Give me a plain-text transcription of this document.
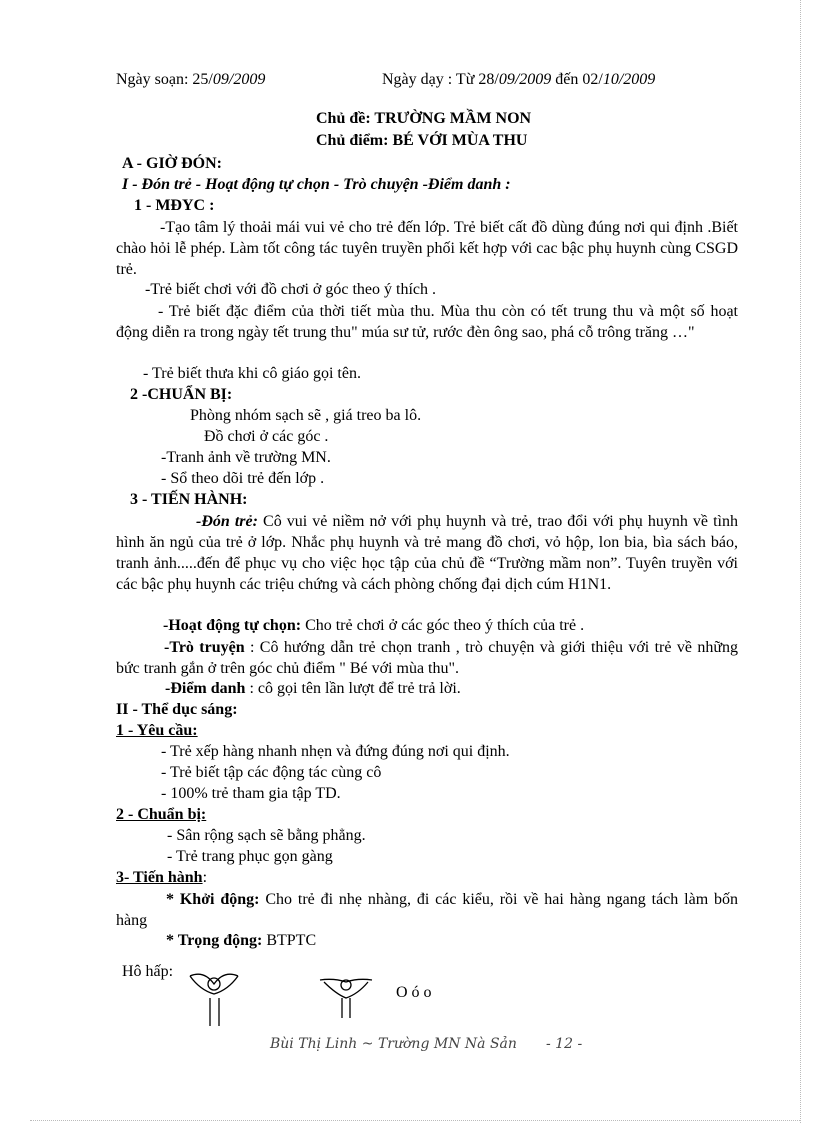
Ngày soạn: 25/09/2009	Ngày dạy : Từ 28/09/2009 đến 02/10/2009
Chủ đề: TRƯỜNG MẦM NON
Chủ điểm: BÉ VỚI MÙA THU
A - GIỜ ĐÓN:
I - Đón trẻ - Hoạt động tự chọn - Trò chuyện -Điểm danh :
1 - MĐYC :
-Tạo tâm lý thoải mái vui vẻ cho trẻ đến lớp. Trẻ biết cất đồ dùng đúng nơi qui định .Biết chào hỏi lễ phép. Làm tốt công tác tuyên truyền phối kết hợp với cac bậc phụ huynh cùng CSGD trẻ.
-Trẻ biết chơi với đồ chơi ở góc theo ý thích .
- Trẻ biết đặc điểm của thời tiết mùa thu. Mùa thu còn có tết trung thu và một số hoạt động diễn ra trong ngày tết trung thu" múa sư tử, rước đèn ông sao, phá cỗ trông trăng …"
- Trẻ biết thưa khi cô giáo gọi tên.
2 -CHUẨN BỊ:
Phòng nhóm sạch sẽ , giá treo ba lô.
Đồ chơi ở các góc .
-Tranh ảnh về trường MN.
- Sổ theo dõi trẻ đến lớp .
3 - TIẾN HÀNH:
-Đón trẻ: Cô vui vẻ niềm nở với phụ huynh và trẻ, trao đổi với phụ huynh về tình hình ăn ngủ của trẻ ở lớp. Nhắc phụ huynh và trẻ mang đồ chơi, vỏ hộp, lon bia, bìa sách báo, tranh ảnh.....đến để phục vụ cho việc học tập của chủ đề “Trường mầm non”. Tuyên truyền với các bậc phụ huynh các triệu chứng và cách phòng chống đại dịch cúm H1N1.
-Hoạt động tự chọn: Cho trẻ chơi ở các góc theo ý thích của trẻ .
-Trò truyện : Cô hướng dẫn trẻ chọn tranh , trò chuyện và giới thiệu với trẻ về những bức tranh gắn ở trên góc chủ điểm " Bé với mùa thu".
-Điểm danh : cô gọi tên lần lượt để trẻ trả lời.
II - Thể dục sáng:
1 - Yêu cầu:
- Trẻ xếp hàng nhanh nhẹn và đứng đúng nơi qui định.
- Trẻ biết tập các động tác cùng cô
- 100% trẻ tham gia tập TD.
2 - Chuẩn bị:
- Sân rộng sạch sẽ bằng phẳng.
- Trẻ trang phục gọn gàng
3- Tiến hành:
* Khởi động: Cho trẻ đi nhẹ nhàng, đi các kiểu, rồi về hai hàng ngang tách làm bốn hàng
* Trọng động: BTPTC
Hô hấp:
O ó o
Bùi Thị Linh ~ Trường MN Nà Sản - 12 -
